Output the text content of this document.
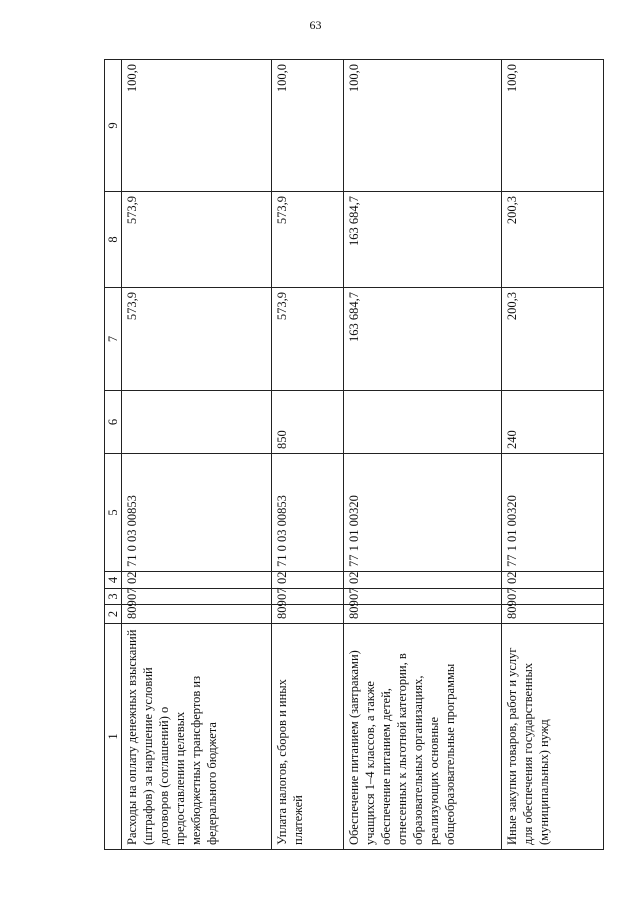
63
1	2	3	4	5	6	7	8	9
Расходы на оплату денежных взысканий (штрафов) за нарушение условий договоров (соглашений) о предоставлении целевых межбюджетных трансфертов из федерального бюджета	809	07	02	71 0 03 00853		573,9	573,9	100,0
Уплата налогов, сборов и иных платежей	809	07	02	71 0 03 00853	850	573,9	573,9	100,0
Обеспечение питанием (завтраками) учащихся 1–4 классов, а также обеспечение питанием детей, отнесенных к льготной категории, в образовательных организациях, реализующих основные общеобразовательные программы	809	07	02	77 1 01 00320		163 684,7	163 684,7	100,0
Иные закупки товаров, работ и услуг для обеспечения государственных (муниципальных) нужд	809	07	02	77 1 01 00320	240	200,3	200,3	100,0
